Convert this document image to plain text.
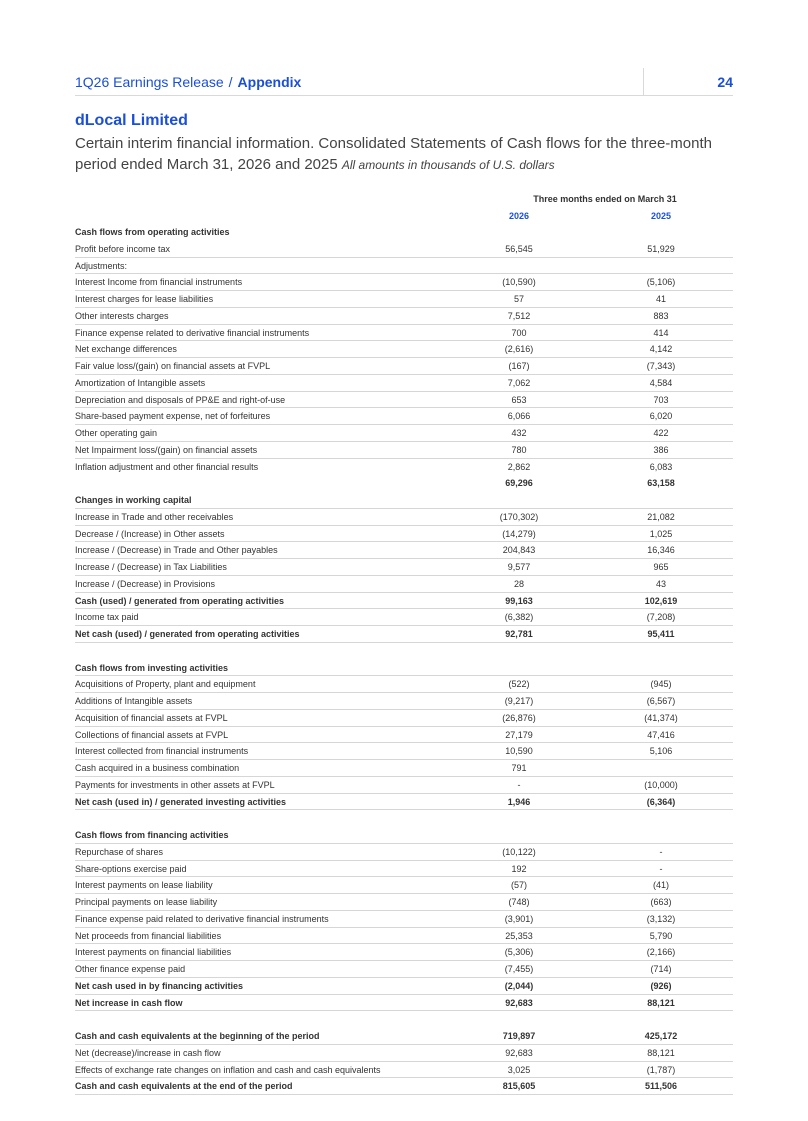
1Q26 Earnings Release / Appendix	24
dLocal Limited
Certain interim financial information. Consolidated Statements of Cash flows for the three-month period ended March 31, 2026 and 2025 All amounts in thousands of U.S. dollars
Three months ended on March 31
2026	2025
Cash flows from operating activities
Profit before income tax	56,545	51,929
Adjustments:
Interest Income from financial instruments	(10,590)	(5,106)
Interest charges for lease liabilities	57	41
Other interests charges	7,512	883
Finance expense related to derivative financial instruments	700	414
Net exchange differences	(2,616)	4,142
Fair value loss/(gain) on financial assets at FVPL	(167)	(7,343)
Amortization of Intangible assets	7,062	4,584
Depreciation and disposals of PP&E and right-of-use	653	703
Share-based payment expense, net of forfeitures	6,066	6,020
Other operating gain	432	422
Net Impairment loss/(gain) on financial assets	780	386
Inflation adjustment and other financial results	2,862	6,083
69,296	63,158
Changes in working capital
Increase in Trade and other receivables	(170,302)	21,082
Decrease / (Increase) in Other assets	(14,279)	1,025
Increase / (Decrease) in Trade and Other payables	204,843	16,346
Increase / (Decrease) in Tax Liabilities	9,577	965
Increase / (Decrease) in Provisions	28	43
Cash (used) / generated from operating activities	99,163	102,619
Income tax paid	(6,382)	(7,208)
Net cash (used) / generated from operating activities	92,781	95,411
Cash flows from investing activities
Acquisitions of Property, plant and equipment	(522)	(945)
Additions of Intangible assets	(9,217)	(6,567)
Acquisition of financial assets at FVPL	(26,876)	(41,374)
Collections of financial assets at FVPL	27,179	47,416
Interest collected from financial instruments	10,590	5,106
Cash acquired in a business combination	791
Payments for investments in other assets at FVPL	-	(10,000)
Net cash (used in) / generated investing activities	1,946	(6,364)
Cash flows from financing activities
Repurchase of shares	(10,122)	-
Share-options exercise paid	192	-
Interest payments on lease liability	(57)	(41)
Principal payments on lease liability	(748)	(663)
Finance expense paid related to derivative financial instruments	(3,901)	(3,132)
Net proceeds from financial liabilities	25,353	5,790
Interest payments on financial liabilities	(5,306)	(2,166)
Other finance expense paid	(7,455)	(714)
Net cash used in by financing activities	(2,044)	(926)
Net increase in cash flow	92,683	88,121
Cash and cash equivalents at the beginning of the period	719,897	425,172
Net (decrease)/increase in cash flow	92,683	88,121
Effects of exchange rate changes on inflation and cash and cash equivalents	3,025	(1,787)
Cash and cash equivalents at the end of the period	815,605	511,506
